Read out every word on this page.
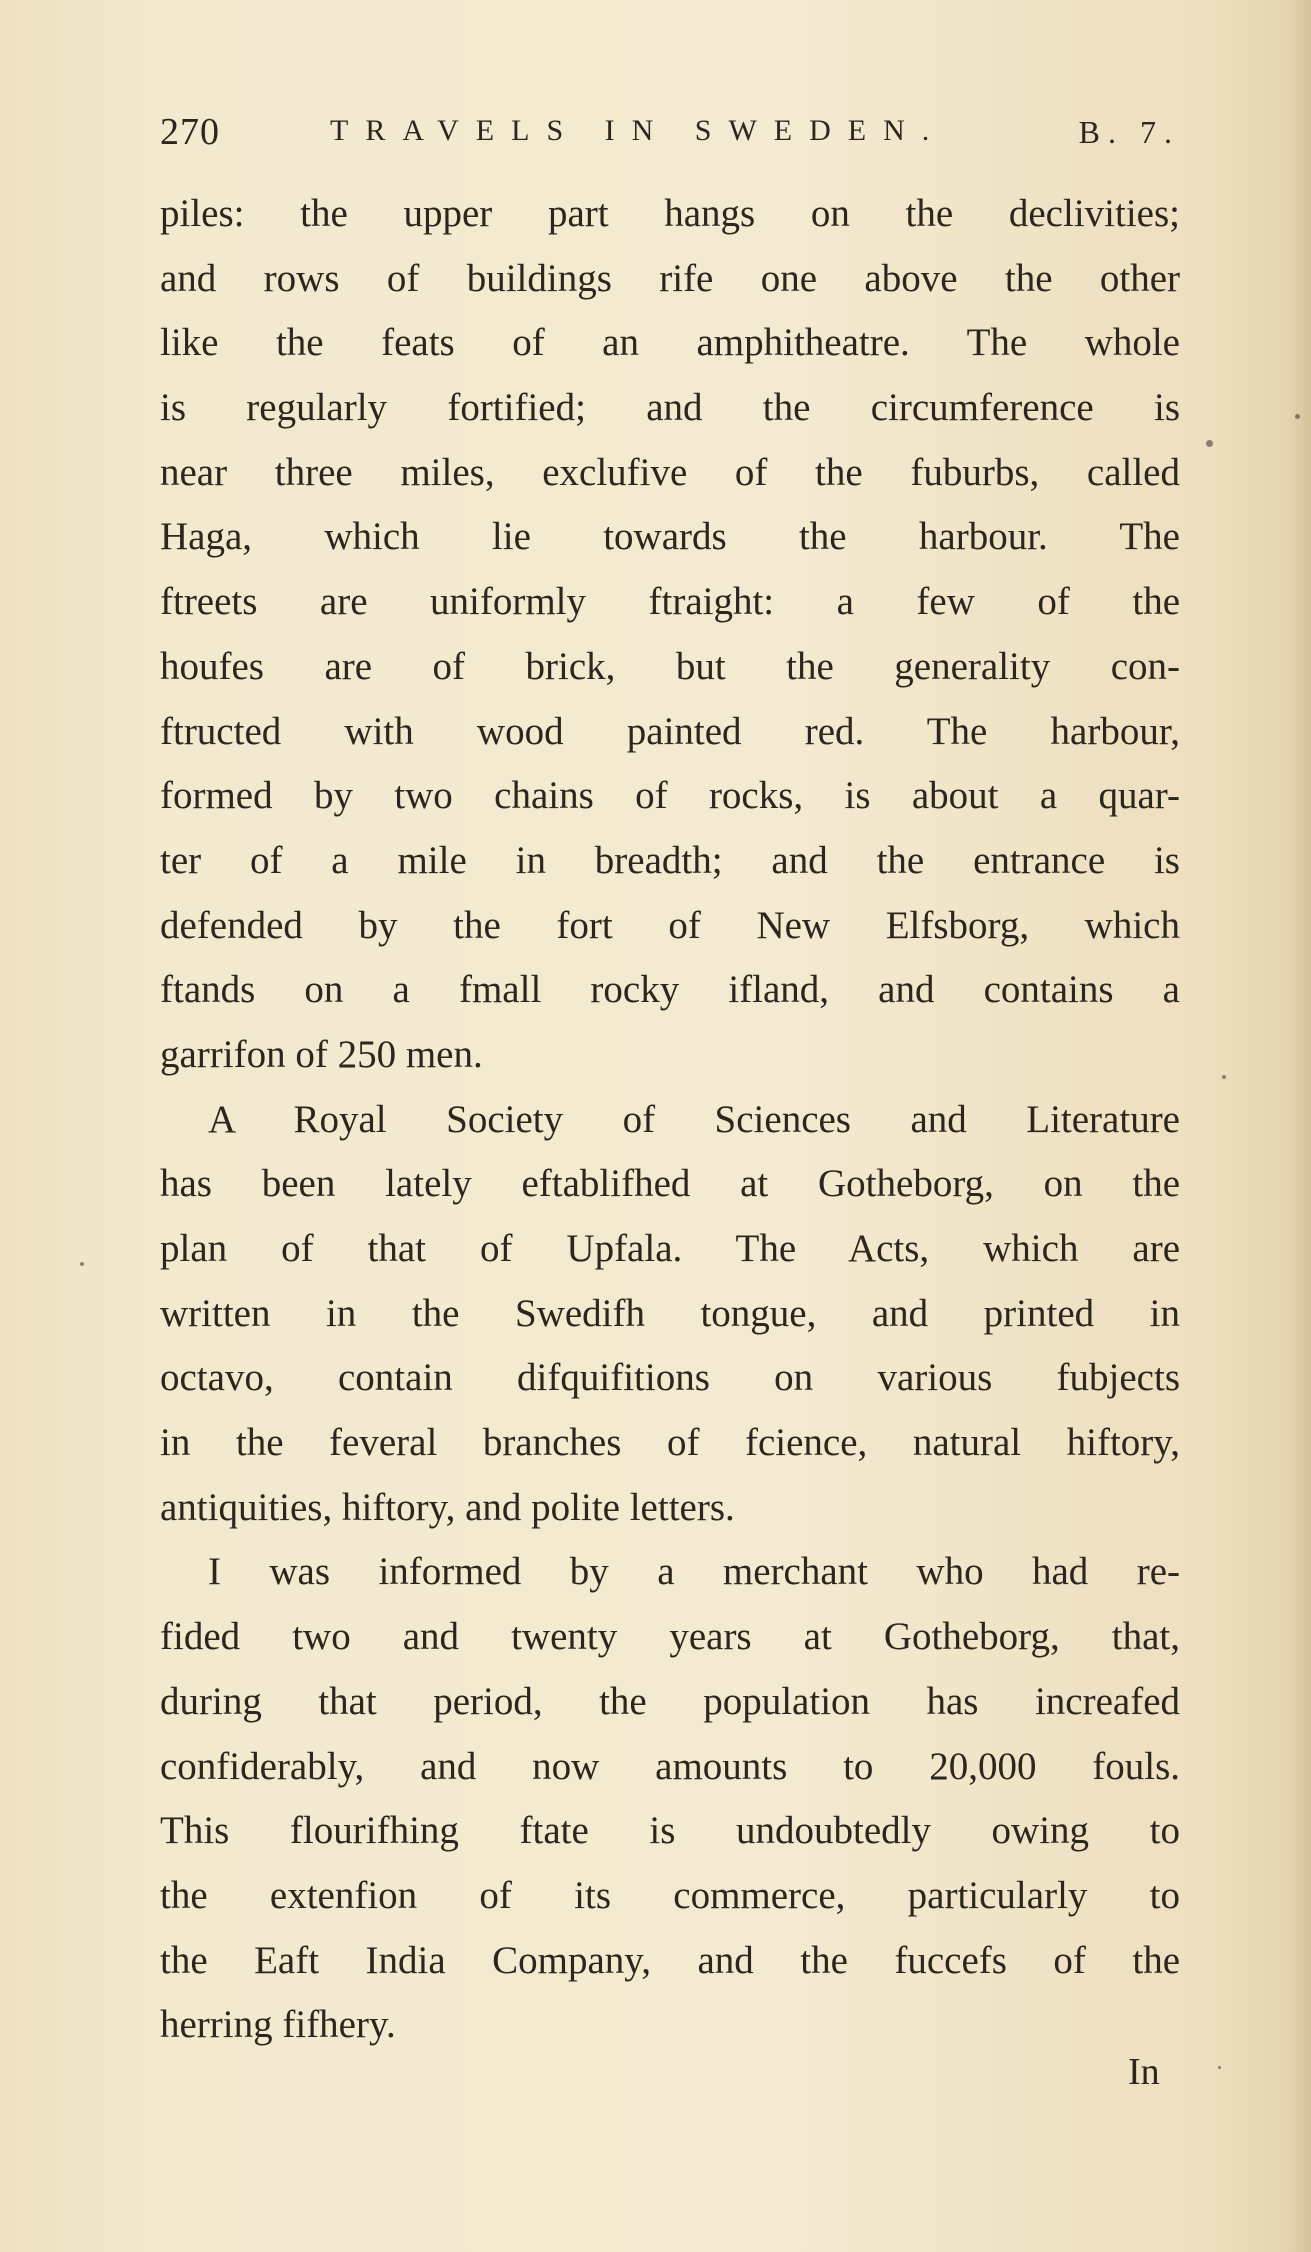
270	TRAVELS IN SWEDEN.	B. 7.
piles: the upper part hangs on the declivities;
and rows of buildings rife one above the other
like the feats of an amphitheatre. The whole
is regularly fortified; and the circumference is
near three miles, exclufive of the fuburbs, called
Haga, which lie towards the harbour. The
ftreets are uniformly ftraight: a few of the
houfes are of brick, but the generality con-
ftructed with wood painted red. The harbour,
formed by two chains of rocks, is about a quar-
ter of a mile in breadth; and the entrance is
defended by the fort of New Elfsborg, which
ftands on a fmall rocky ifland, and contains a
garrifon of 250 men.
A Royal Society of Sciences and Literature
has been lately eftablifhed at Gotheborg, on the
plan of that of Upfala. The Acts, which are
written in the Swedifh tongue, and printed in
octavo, contain difquifitions on various fubjects
in the feveral branches of fcience, natural hiftory,
antiquities, hiftory, and polite letters.
I was informed by a merchant who had re-
fided two and twenty years at Gotheborg, that,
during that period, the population has increafed
confiderably, and now amounts to 20,000 fouls.
This flourifhing ftate is undoubtedly owing to
the extenfion of its commerce, particularly to
the Eaft India Company, and the fuccefs of the
herring fifhery.
In
